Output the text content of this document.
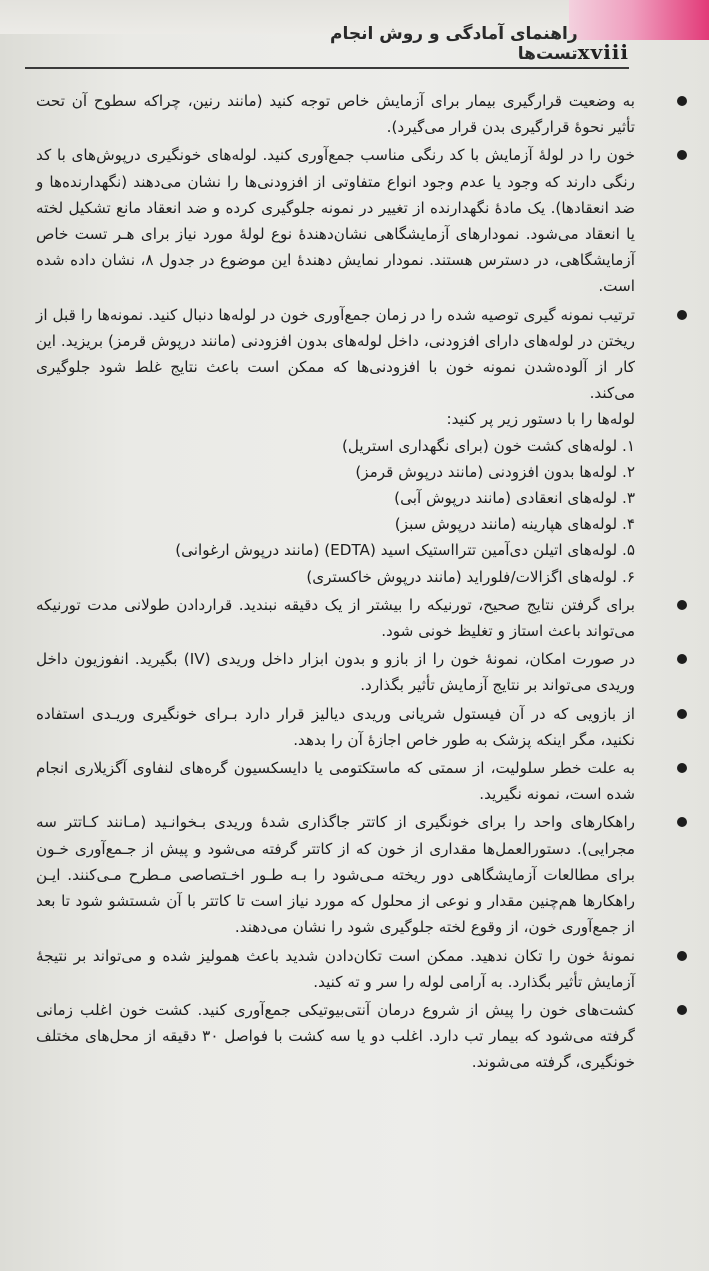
راهنمای آمادگی و روش انجام تست‌ها xviii
به وضعیت قرارگیری بیمار برای آزمایش خاص توجه کنید (مانند رنین، چراکه سطوح آن تحت تأثیر نحوهٔ قرارگیری بدن قرار می‌گیرد).
خون را در لولهٔ آزمایش با کد رنگی مناسب جمع‌آوری کنید. لوله‌های خونگیری درپوش‌های با کد رنگی دارند که وجود یا عدم وجود انواع متفاوتی از افزودنی‌ها را نشان می‌دهند (نگهدارنده‌ها و ضد انعقادها). یک مادهٔ نگهدارنده از تغییر در نمونه جلوگیری کرده و ضد انعقاد مانع تشکیل لخته یا انعقاد می‌شود. نمودارهای آزمایشگاهی نشان‌دهندهٔ نوع لولهٔ مورد نیاز برای هـر تست خاص آزمایشگاهی، در دسترس هستند. نمودار نمایش دهندهٔ این موضوع در جدول ۸، نشان داده شده است.
ترتیب نمونه گیری توصیه شده را در زمان جمع‌آوری خون در لوله‌ها دنبال کنید. نمونه‌ها را قبل از ریختن در لوله‌های دارای افزودنی، داخل لوله‌های بدون افزودنی (مانند درپوش قرمز) بریزید. این کار از آلوده‌شدن نمونه خون با افزودنی‌ها که ممکن است باعث نتایج غلط شود جلوگیری می‌کند.
لوله‌ها را با دستور زیر پر کنید:
۱. لوله‌های کشت خون (برای نگهداری استریل)
۲. لوله‌ها بدون افزودنی (مانند درپوش قرمز)
۳. لوله‌های انعقادی (مانند درپوش آبی)
۴. لوله‌های هپارینه (مانند درپوش سبز)
۵. لوله‌های اتیلن دی‌آمین تترااستیک اسید (EDTA) (مانند درپوش ارغوانی)
۶. لوله‌های اگزالات/فلوراید (مانند درپوش خاکستری)
برای گرفتن نتایج صحیح، تورنیکه را بیشتر از یک دقیقه نبندید. قراردادن طولانی مدت تورنیکه می‌تواند باعث استاز و تغلیظ خونی شود.
در صورت امکان، نمونهٔ خون را از بازو و بدون ابزار داخل وریدی (IV) بگیرید. انفوزیون داخل وریدی می‌تواند بر نتایج آزمایش تأثیر بگذارد.
از بازویی که در آن فیستول شریانی وریدی دیالیز قرار دارد بـرای خونگیری وریـدی استفاده نکنید، مگر اینکه پزشک به طور خاص اجازهٔ آن را بدهد.
به علت خطر سلولیت، از سمتی که ماستکتومی یا دایسکسیون گره‌های لنفاوی آگزیلاری انجام شده است، نمونه نگیرید.
راهکارهای واحد را برای خونگیری از کاتتر جاگذاری شدهٔ وریدی بـخوانـید (مـانند کـاتتر سه مجرایی). دستورالعمل‌ها مقداری از خون که از کاتتر گرفته می‌شود و پیش از جـمع‌آوری خـون برای مطالعات آزمایشگاهی دور ریخته مـی‌شود را بـه طـور اخـتصاصی مـطرح مـی‌کنند. ایـن راهکارها هم‌چنین مقدار و نوعی از محلول که مورد نیاز است تا کاتتر با آن شستشو شود تا بعد از جمع‌آوری خون، از وقوع لخته جلوگیری شود را نشان می‌دهند.
نمونهٔ خون را تکان ندهید. ممکن است تکان‌دادن شدید باعث همولیز شده و می‌تواند بر نتیجهٔ آزمایش تأثیر بگذارد. به آرامی لوله را سر و ته کنید.
کشت‌های خون را پیش از شروع درمان آنتی‌بیوتیکی جمع‌آوری کنید. کشت خون اغلب زمانی گرفته می‌شود که بیمار تب دارد. اغلب دو یا سه کشت با فواصل ۳۰ دقیقه از محل‌های مختلف خونگیری، گرفته می‌شوند.
